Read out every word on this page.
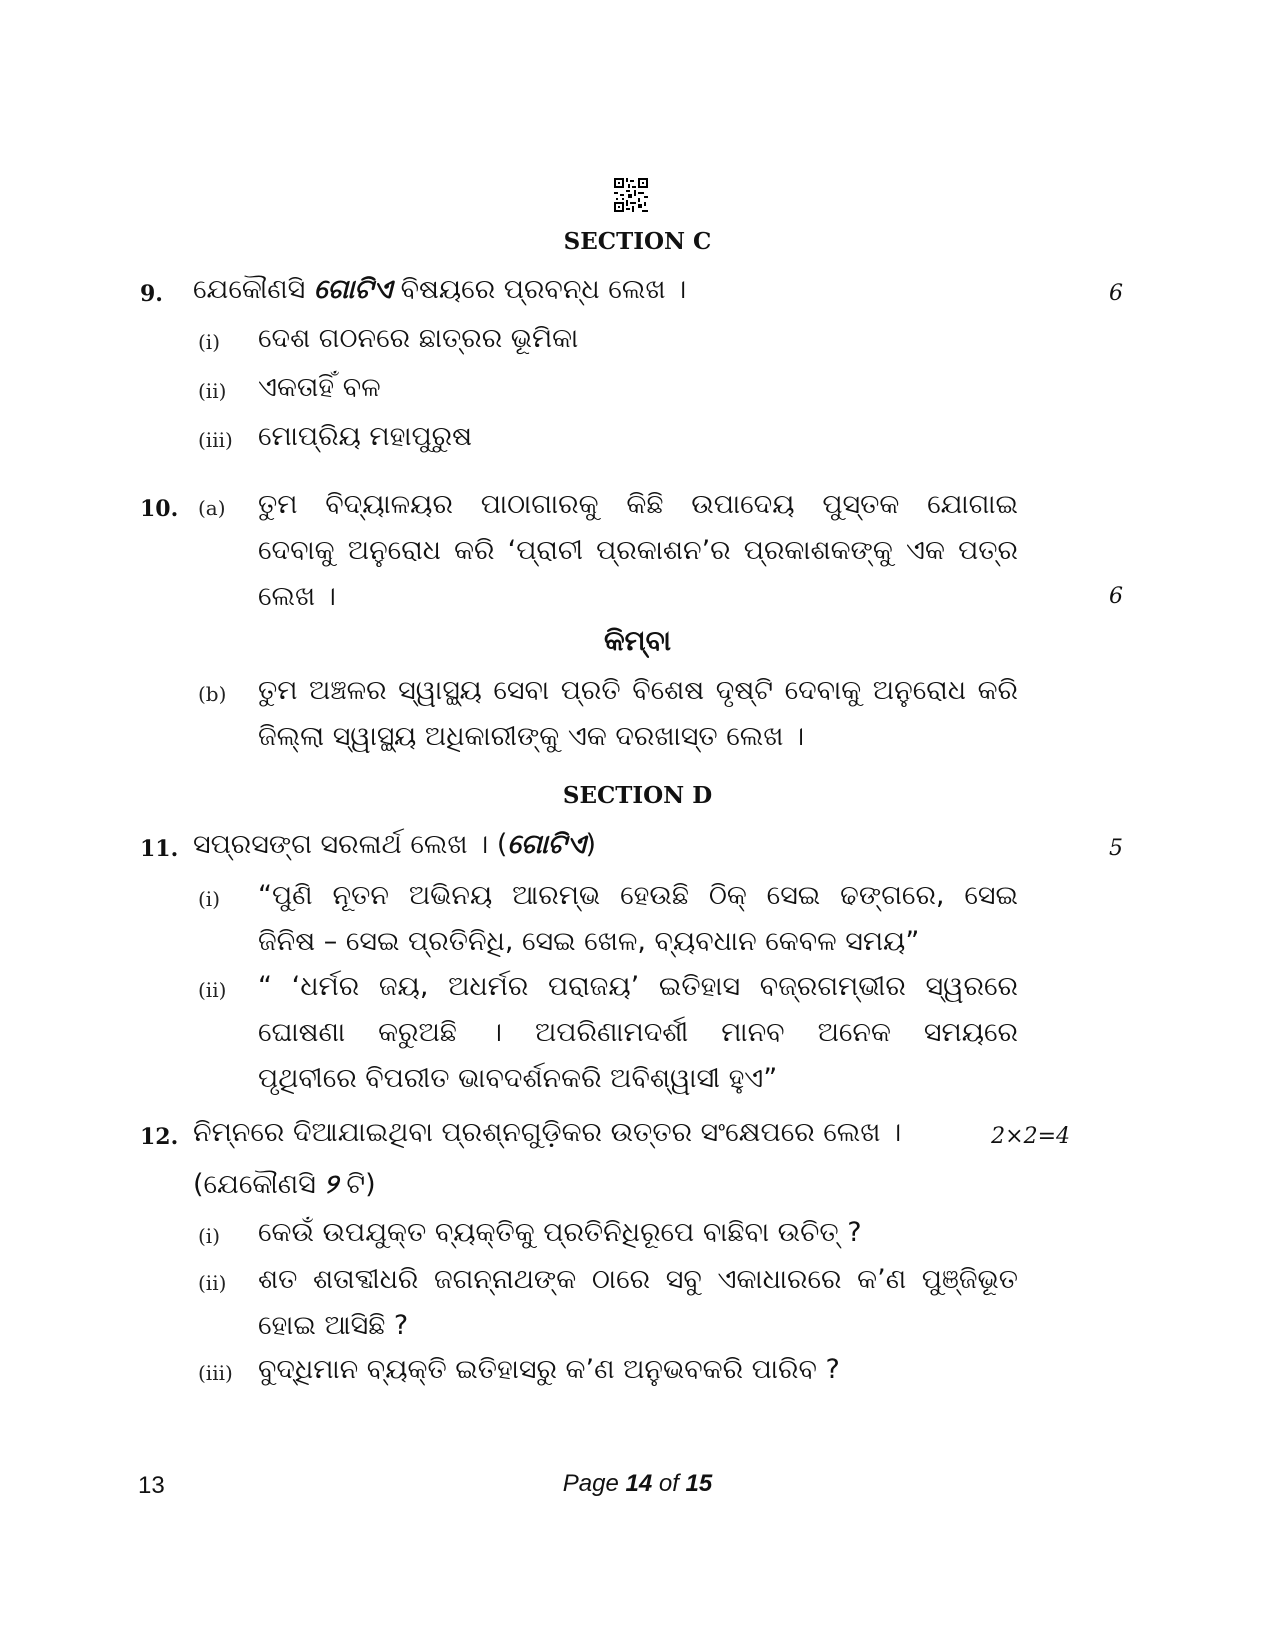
SECTION C
9. ଯେକୌଣସି ଗୋଟିଏ ବିଷୟରେ ପ୍ରବନ୍ଧ ଲେଖ ।	6
(i) ଦେଶ ଗଠନରେ ଛାତ୍ରର ଭୂମିକା
(ii) ଏକତାହିଁ ବଳ
(iii) ମୋପ୍ରିୟ ମହାପୁରୁଷ
10. (a) ତୁମ ବିଦ୍ୟାଳୟର ପାଠାଗାରକୁ କିଛି ଉପାଦେୟ ପୁସ୍ତକ ଯୋଗାଇ
ଦେବାକୁ ଅନୁରୋଧ କରି ‘ପ୍ରାଚୀ ପ୍ରକାଶନ’ର ପ୍ରକାଶକଙ୍କୁ ଏକ ପତ୍ର
ଲେଖ ।	6
କିମ୍ବା
(b) ତୁମ ଅଞ୍ଚଳର ସ୍ୱାସ୍ଥ୍ୟ ସେବା ପ୍ରତି ବିଶେଷ ଦୃଷ୍ଟି ଦେବାକୁ ଅନୁରୋଧ କରି
ଜିଲ୍ଲା ସ୍ୱାସ୍ଥ୍ୟ ଅଧିକାରୀଙ୍କୁ ଏକ ଦରଖାସ୍ତ ଲେଖ ।
SECTION D
11. ସପ୍ରସଙ୍ଗ ସରଳାର୍ଥ ଲେଖ । (ଗୋଟିଏ)	5
(i) “ପୁଣି ନୂତନ ଅଭିନୟ ଆରମ୍ଭ ହେଉଛି ଠିକ୍ ସେଇ ଢଙ୍ଗରେ, ସେଇ
ଜିନିଷ – ସେଇ ପ୍ରତିନିଧି, ସେଇ ଖେଳ, ବ୍ୟବଧାନ କେବଳ ସମୟ”
(ii) “ ‘ଧର୍ମର ଜୟ, ଅଧର୍ମର ପରାଜୟ’ ଇତିହାସ ବଜ୍ରଗମ୍ଭୀର ସ୍ୱରରେ
ଘୋଷଣା କରୁଅଛି । ଅପରିଣାମଦର୍ଶୀ ମାନବ ଅନେକ ସମୟରେ
ପୃଥିବୀରେ ବିପରୀତ ଭାବଦର୍ଶନକରି ଅବିଶ୍ୱାସୀ ହୁଏ”
12. ନିମ୍ନରେ ଦିଆଯାଇଥିବା ପ୍ରଶ୍ନଗୁଡ଼ିକର ଉତ୍ତର ସଂକ୍ଷେପରେ ଲେଖ ।	2×2=4
(ଯେକୌଣସି ୨ ଟି)
(i) କେଉଁ ଉପଯୁକ୍ତ ବ୍ୟକ୍ତିକୁ ପ୍ରତିନିଧିରୂପେ ବାଛିବା ଉଚିତ୍ ?
(ii) ଶତ ଶତାବ୍ଦୀଧରି ଜଗନ୍ନାଥଙ୍କ ଠାରେ ସବୁ ଏକାଧାରରେ କ’ଣ ପୁଞ୍ଜିଭୂତ
ହୋଇ ଆସିଛି ?
(iii) ବୁଦ୍ଧିମାନ ବ୍ୟକ୍ତି ଇତିହାସରୁ କ’ଣ ଅନୁଭବକରି ପାରିବ ?
13	Page 14 of 15
